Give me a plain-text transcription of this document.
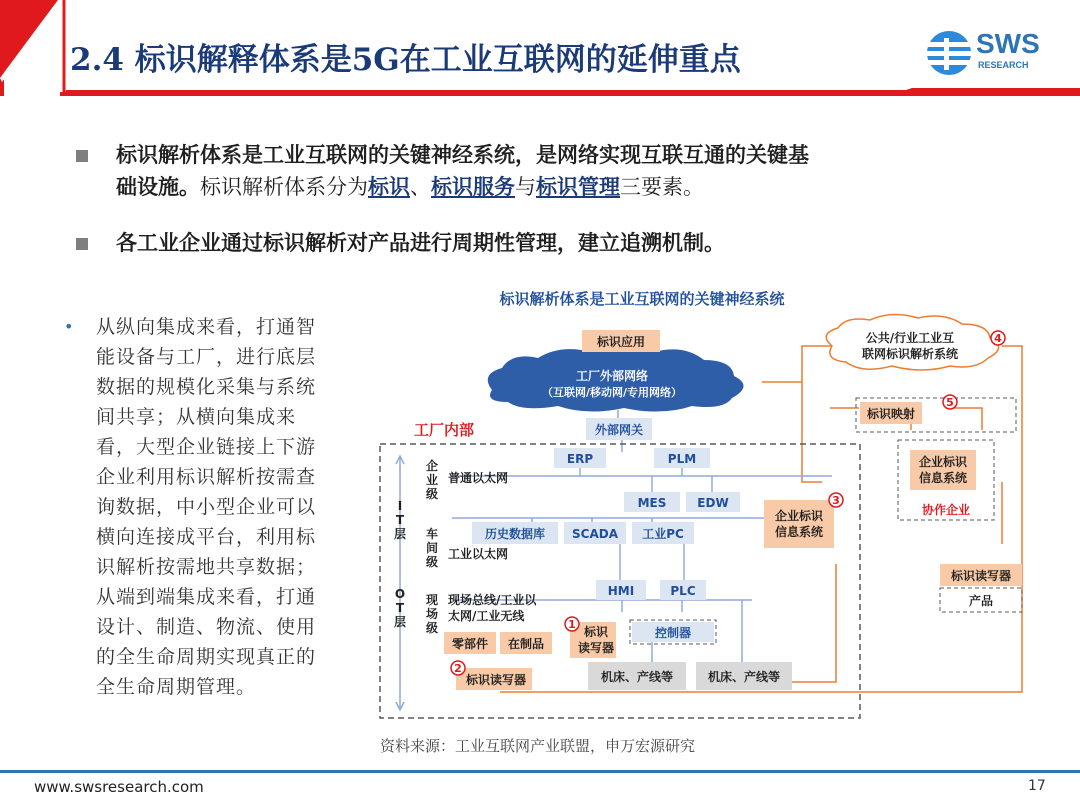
2.4 标识解释体系是5G在工业互联网的延伸重点	SWS
RESEARCH
标识解析体系是工业互联网的关键神经系统，是网络实现互联互通的关键基
础设施。标识解析体系分为标识、标识服务与标识管理三要素。
各工业企业通过标识解析对产品进行周期性管理，建立追溯机制。
• 从纵向集成来看，打通智能设备与工厂，进行底层数据的规模化采集与系统间共享；从横向集成来看，大型企业链接上下游企业利用标识解析按需查询数据，中小型企业可以横向连接成平台，利用标识解析按需地共享数据；从端到端集成来看，打通设计、制造、物流、使用的全生命周期实现真正的全生命周期管理。
标识解析体系是工业互联网的关键神经系统
工厂内部
I
T
层
O
T
层
企
业
级
车
间
级
现
场
级
普通以太网
工业以太网
现场总线/工业以
太网/工业无线
工厂外部网络
（互联网/移动网/专用网络）
公共/行业工业互
联网标识解析系统
标识应用
零部件 在制品
标识
读写器
标识读写器
企业标识
信息系统
标识映射
企业标识
信息系统
标识读写器
协作企业
产品
外部网关
ERP	PLM
MES	EDW
历史数据库 SCADA 工业PC
HMI	PLC
控制器
机床、产线等	机床、产线等
1
2
3
4
5
资料来源：工业互联网产业联盟，申万宏源研究
www.swsresearch.com	17
